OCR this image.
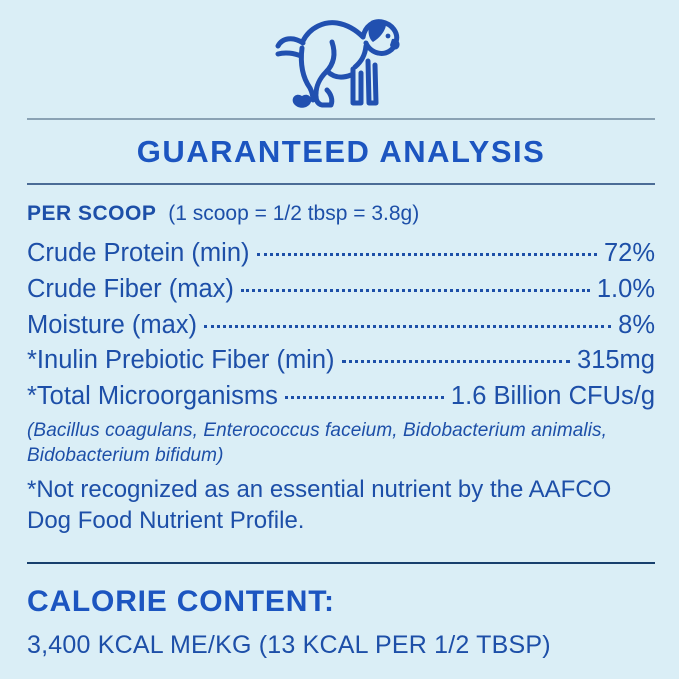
GUARANTEED ANALYSIS
PER SCOOP (1 scoop = 1/2 tbsp = 3.8g)
Crude Protein (min)	72%
Crude Fiber (max)	1.0%
Moisture (max)	8%
*Inulin Prebiotic Fiber (min)	315mg
*Total Microorganisms	1.6 Billion CFUs/g
(Bacillus coagulans, Enterococcus faceium, Bidobacterium animalis, Bidobacterium bifidum)
*Not recognized as an essential nutrient by the AAFCO Dog Food Nutrient Profile.
CALORIE CONTENT:
3,400 KCAL ME/KG (13 KCAL PER 1/2 TBSP)
